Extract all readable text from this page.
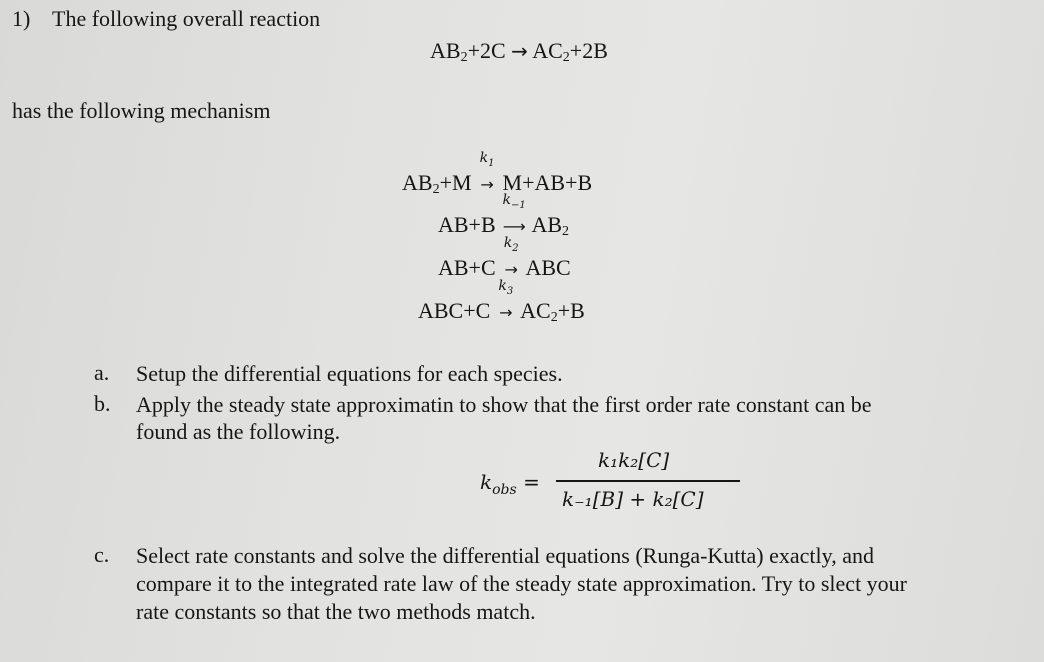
1) The following overall reaction
$AB_2+2C \to AC_2+2B$
has the following mechanism
$AB_2+M$
$k_1$
→ M+AB+B
AB+B
$k_{-1}$
⟶ $AB_2$
AB+C
$k_2$
→ ABC
ABC+C
$k_3$
→ $AC_2+B$
a. Setup the differential equations for each species.
b. Apply the steady state approximatin to show that the first order rate constant can be
found as the following.
$k_{obs}$ =
k₁k₂[C]
k₋₁[B] + k₂[C]
c. Select rate constants and solve the differential equations (Runga-Kutta) exactly, and
compare it to the integrated rate law of the steady state approximation. Try to slect your
rate constants so that the two methods match.
